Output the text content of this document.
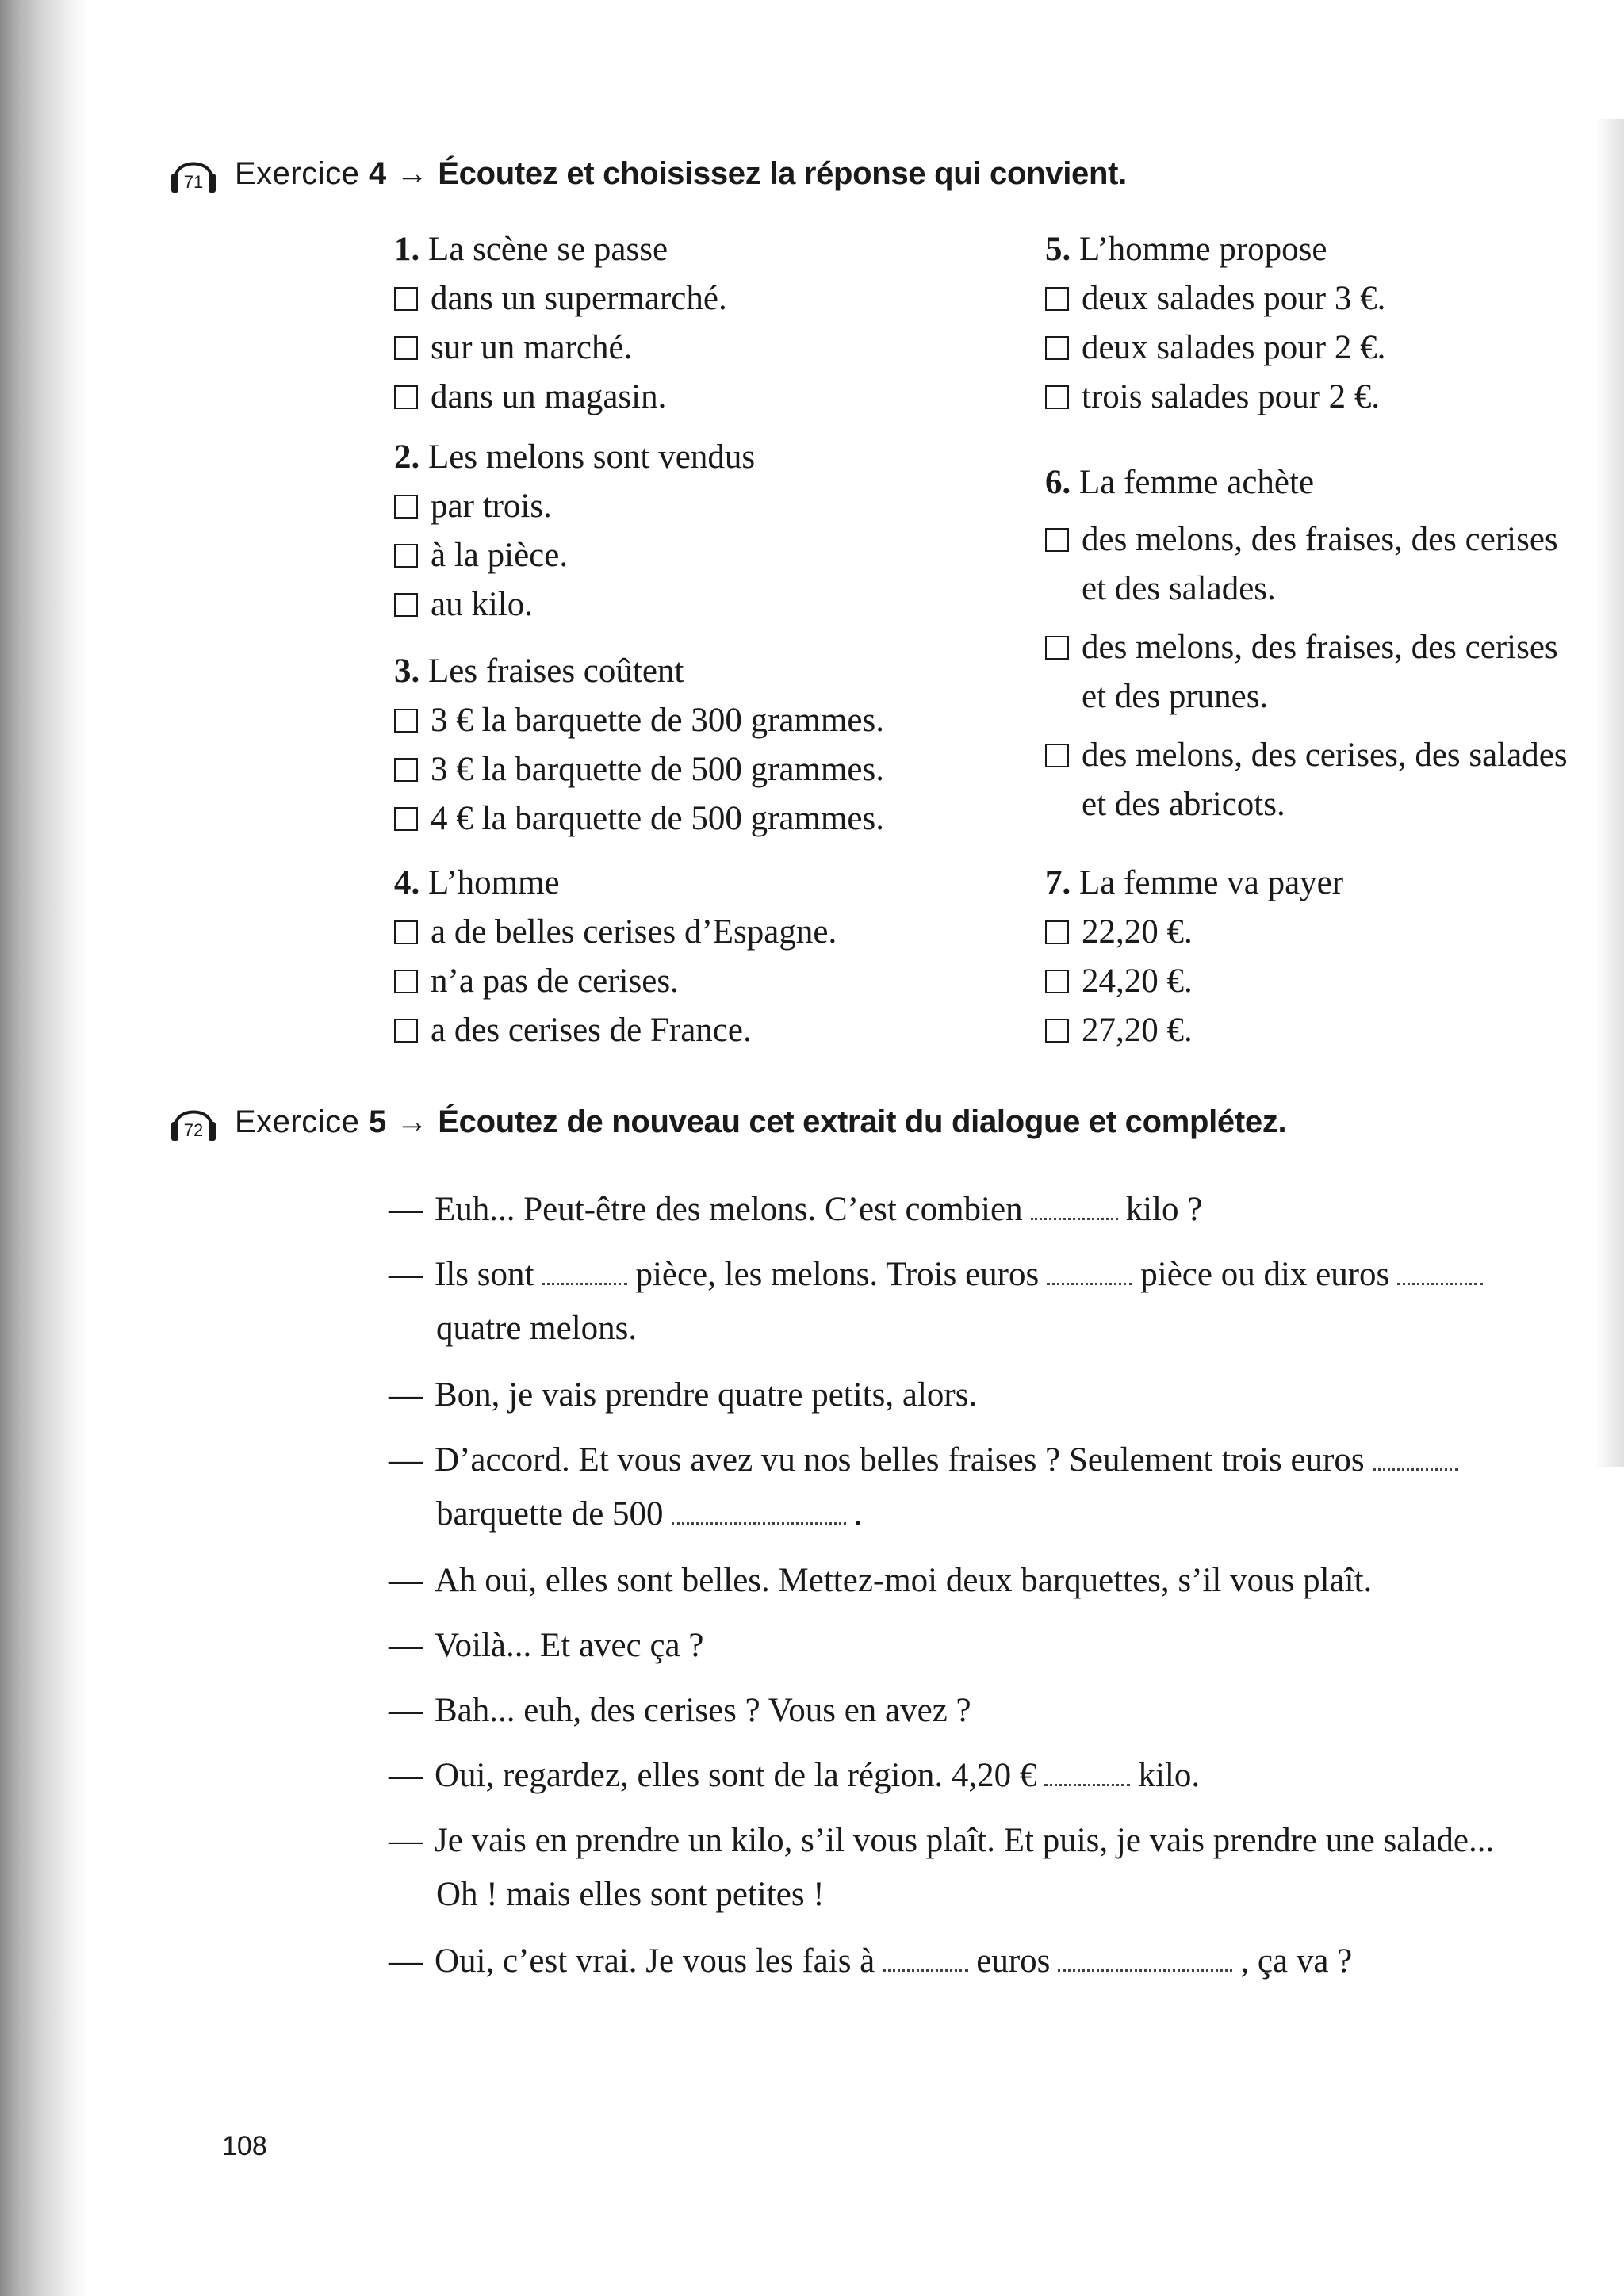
71 Exercice 4 → Écoutez et choisissez la réponse qui convient.
1. La scène se passe
dans un supermarché.
sur un marché.
dans un magasin.
2. Les melons sont vendus
par trois.
à la pièce.
au kilo.
3. Les fraises coûtent
3 € la barquette de 300 grammes.
3 € la barquette de 500 grammes.
4 € la barquette de 500 grammes.
4. L’homme
a de belles cerises d’Espagne.
n’a pas de cerises.
a des cerises de France.
5. L’homme propose
deux salades pour 3 €.
deux salades pour 2 €.
trois salades pour 2 €.
6. La femme achète
des melons, des fraises, des cerises
et des salades.
des melons, des fraises, des cerises
et des prunes.
des melons, des cerises, des salades
et des abricots.
7. La femme va payer
22,20 €.
24,20 €.
27,20 €.
72 Exercice 5 → Écoutez de nouveau cet extrait du dialogue et complétez.
— Euh... Peut-être des melons. C’est combien	kilo ?
— Ils sont	pièce, les melons. Trois euros	pièce ou dix euros
quatre melons.
— Bon, je vais prendre quatre petits, alors.
— D’accord. Et vous avez vu nos belles fraises ? Seulement trois euros
barquette de 500	.
— Ah oui, elles sont belles. Mettez-moi deux barquettes, s’il vous plaît.
— Voilà... Et avec ça ?
— Bah... euh, des cerises ? Vous en avez ?
— Oui, regardez, elles sont de la région. 4,20 €	kilo.
— Je vais en prendre un kilo, s’il vous plaît. Et puis, je vais prendre une salade...
Oh ! mais elles sont petites !
— Oui, c’est vrai. Je vous les fais à	euros	, ça va ?
108
